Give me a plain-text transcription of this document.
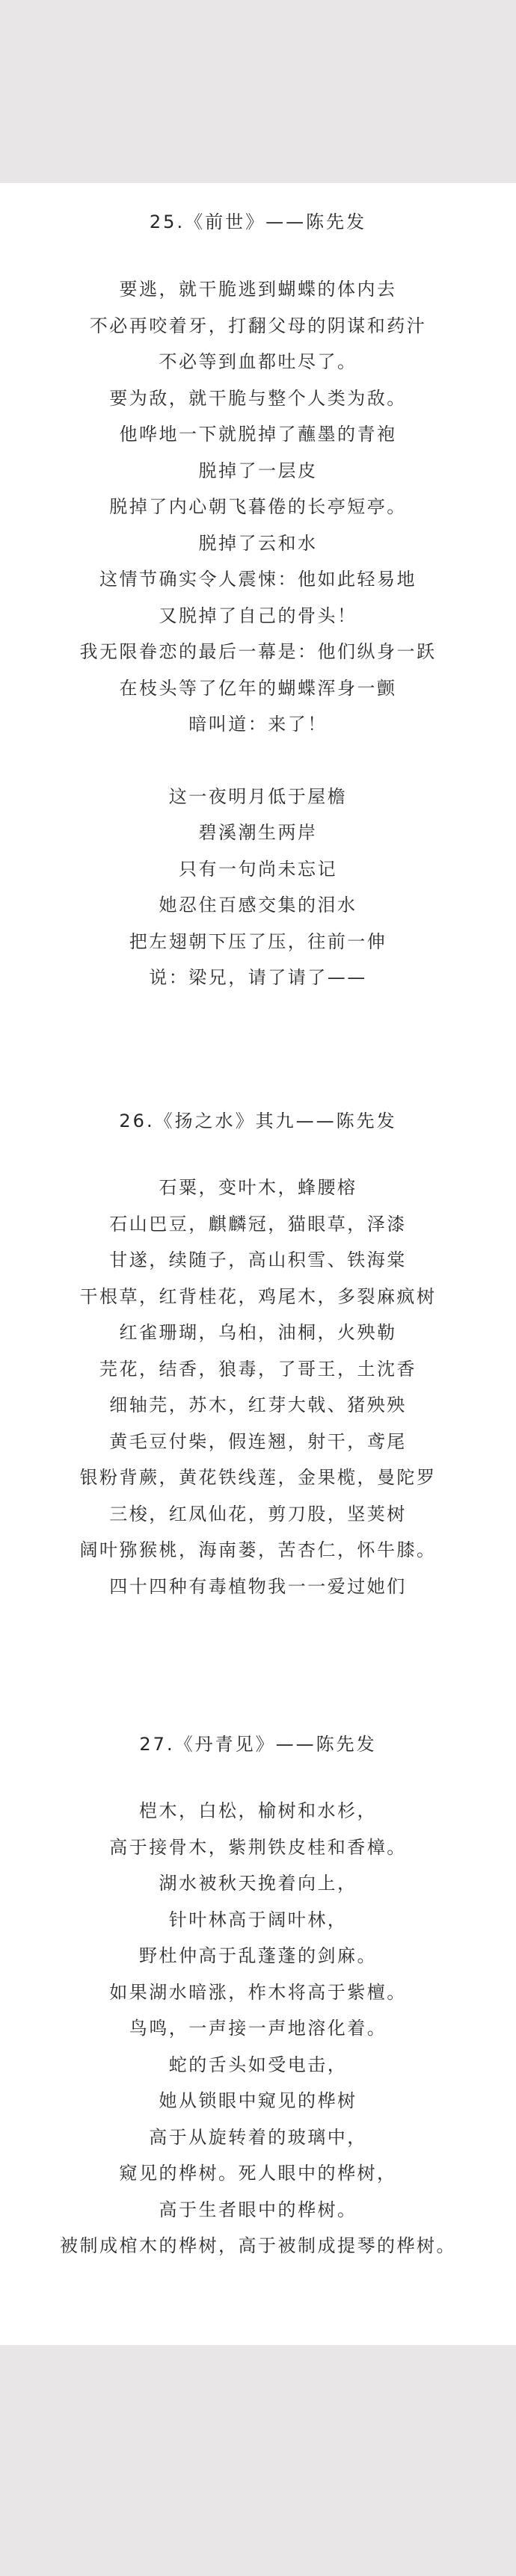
25.《前世》——陈先发
要逃，就干脆逃到蝴蝶的体内去
不必再咬着牙，打翻父母的阴谋和药汁
不必等到血都吐尽了。
要为敌，就干脆与整个人类为敌。
他哗地一下就脱掉了蘸墨的青袍
脱掉了一层皮
脱掉了内心朝飞暮倦的长亭短亭。
脱掉了云和水
这情节确实令人震悚：他如此轻易地
又脱掉了自己的骨头！
我无限眷恋的最后一幕是：他们纵身一跃
在枝头等了亿年的蝴蝶浑身一颤
暗叫道：来了！
这一夜明月低于屋檐
碧溪潮生两岸
只有一句尚未忘记
她忍住百感交集的泪水
把左翅朝下压了压，往前一伸
说：梁兄，请了请了——
26.《扬之水》其九——陈先发
石粟，变叶木，蜂腰榕
石山巴豆，麒麟冠，猫眼草，泽漆
甘遂，续随子，高山积雪、铁海棠
干根草，红背桂花，鸡尾木，多裂麻疯树
红雀珊瑚，乌桕，油桐，火殃勒
芫花，结香，狼毒，了哥王，土沈香
细轴芫，苏木，红芽大戟、猪殃殃
黄毛豆付柴，假连翘，射干，鸢尾
银粉背蕨，黄花铁线莲，金果榄，曼陀罗
三梭，红凤仙花，剪刀股，坚荚树
阔叶猕猴桃，海南蒌，苦杏仁，怀牛膝。
四十四种有毒植物我一一爱过她们
27.《丹青见》——陈先发
桤木，白松，榆树和水杉，
高于接骨木，紫荆铁皮桂和香樟。
湖水被秋天挽着向上，
针叶林高于阔叶林，
野杜仲高于乱蓬蓬的剑麻。
如果湖水暗涨，柞木将高于紫檀。
鸟鸣，一声接一声地溶化着。
蛇的舌头如受电击，
她从锁眼中窥见的桦树
高于从旋转着的玻璃中，
窥见的桦树。死人眼中的桦树，
高于生者眼中的桦树。
被制成棺木的桦树，高于被制成提琴的桦树。
